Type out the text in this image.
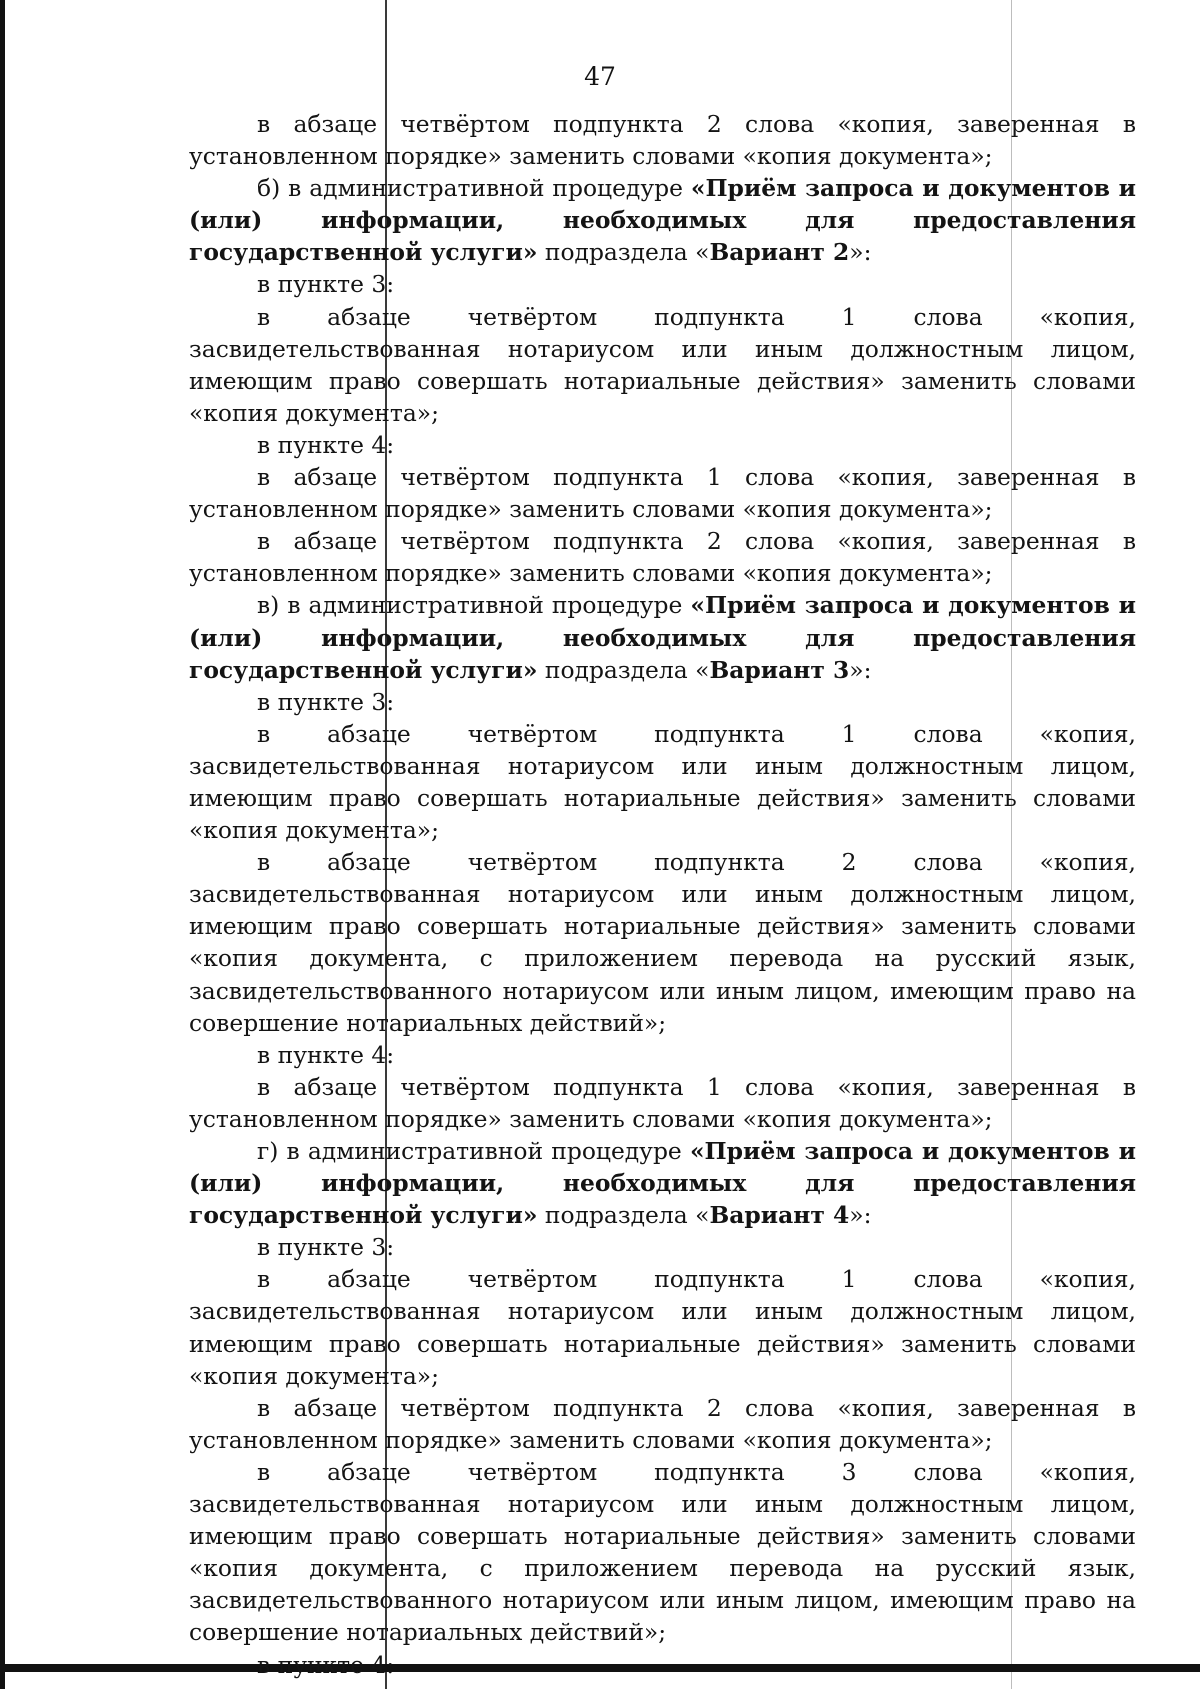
47

в абзаце четвёртом подпункта 2 слова «копия, заверенная в установленном порядке» заменить словами «копия документа»;

б) в административной процедуре «Приём запроса и документов и (или) информации, необходимых для предоставления государственной услуги» подраздела «Вариант 2»:

в пункте 3:

в абзаце четвёртом подпункта 1 слова «копия, засвидетельствованная нотариусом или иным должностным лицом, имеющим право совершать нотариальные действия» заменить словами «копия документа»;

в пункте 4:

в абзаце четвёртом подпункта 1 слова «копия, заверенная в установленном порядке» заменить словами «копия документа»;

в абзаце четвёртом подпункта 2 слова «копия, заверенная в установленном порядке» заменить словами «копия документа»;

в) в административной процедуре «Приём запроса и документов и (или) информации, необходимых для предоставления государственной услуги» подраздела «Вариант 3»:

в пункте 3:

в абзаце четвёртом подпункта 1 слова «копия, засвидетельствованная нотариусом или иным должностным лицом, имеющим право совершать нотариальные действия» заменить словами «копия документа»;

в абзаце четвёртом подпункта 2 слова «копия, засвидетельствованная нотариусом или иным должностным лицом, имеющим право совершать нотариальные действия» заменить словами «копия документа, с приложением перевода на русский язык, засвидетельствованного нотариусом или иным лицом, имеющим право на совершение нотариальных действий»;

в пункте 4:

в абзаце четвёртом подпункта 1 слова «копия, заверенная в установленном порядке» заменить словами «копия документа»;

г) в административной процедуре «Приём запроса и документов и (или) информации, необходимых для предоставления государственной услуги» подраздела «Вариант 4»:

в пункте 3:

в абзаце четвёртом подпункта 1 слова «копия, засвидетельствованная нотариусом или иным должностным лицом, имеющим право совершать нотариальные действия» заменить словами «копия документа»;

в абзаце четвёртом подпункта 2 слова «копия, заверенная в установленном порядке» заменить словами «копия документа»;

в абзаце четвёртом подпункта 3 слова «копия, засвидетельствованная нотариусом или иным должностным лицом, имеющим право совершать нотариальные действия» заменить словами «копия документа, с приложением перевода на русский язык, засвидетельствованного нотариусом или иным лицом, имеющим право на совершение нотариальных действий»;

в пункте 4:
